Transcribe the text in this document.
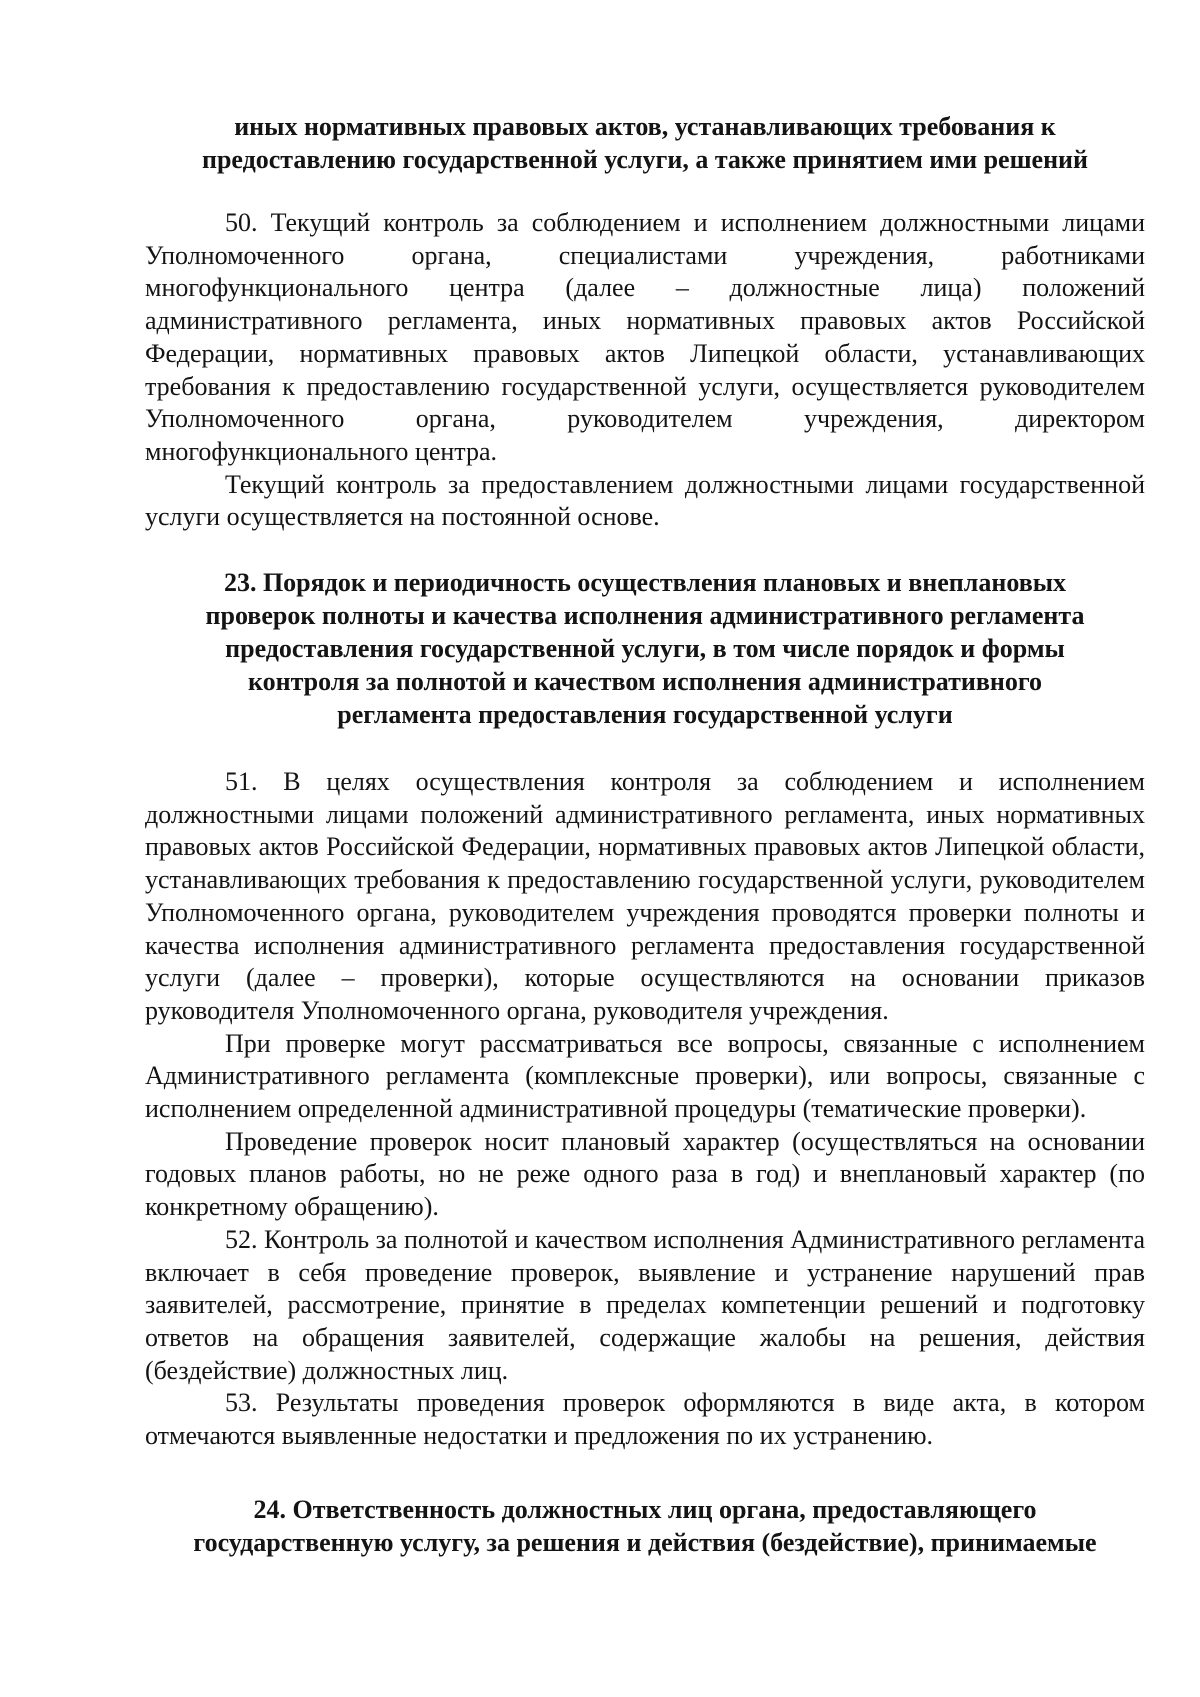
иных нормативных правовых актов, устанавливающих требования к
предоставлению государственной услуги, а также принятием ими решений

50. Текущий контроль за соблюдением и исполнением должностными лицами Уполномоченного органа, специалистами учреждения, работниками многофункционального центра (далее – должностные лица) положений административного регламента, иных нормативных правовых актов Российской Федерации, нормативных правовых актов Липецкой области, устанавливающих требования к предоставлению государственной услуги, осуществляется руководителем Уполномоченного органа, руководителем учреждения, директором многофункционального центра.

Текущий контроль за предоставлением должностными лицами государственной услуги осуществляется на постоянной основе.

23. Порядок и периодичность осуществления плановых и внеплановых
проверок полноты и качества исполнения административного регламента
предоставления государственной услуги, в том числе порядок и формы
контроля за полнотой и качеством исполнения административного
регламента предоставления государственной услуги

51. В целях осуществления контроля за соблюдением и исполнением должностными лицами положений административного регламента, иных нормативных правовых актов Российской Федерации, нормативных правовых актов Липецкой области, устанавливающих требования к предоставлению государственной услуги, руководителем Уполномоченного органа, руководителем учреждения проводятся проверки полноты и качества исполнения административного регламента предоставления государственной услуги (далее – проверки), которые осуществляются на основании приказов руководителя Уполномоченного органа, руководителя учреждения.

При проверке могут рассматриваться все вопросы, связанные с исполнением Административного регламента (комплексные проверки), или вопросы, связанные с исполнением определенной административной процедуры (тематические проверки).

Проведение проверок носит плановый характер (осуществляться на основании годовых планов работы, но не реже одного раза в год) и внеплановый характер (по конкретному обращению).

52. Контроль за полнотой и качеством исполнения Административного регламента включает в себя проведение проверок, выявление и устранение нарушений прав заявителей, рассмотрение, принятие в пределах компетенции решений и подготовку ответов на обращения заявителей, содержащие жалобы на решения, действия (бездействие) должностных лиц.

53. Результаты проведения проверок оформляются в виде акта, в котором отмечаются выявленные недостатки и предложения по их устранению.

24. Ответственность должностных лиц органа, предоставляющего
государственную услугу, за решения и действия (бездействие), принимаемые
